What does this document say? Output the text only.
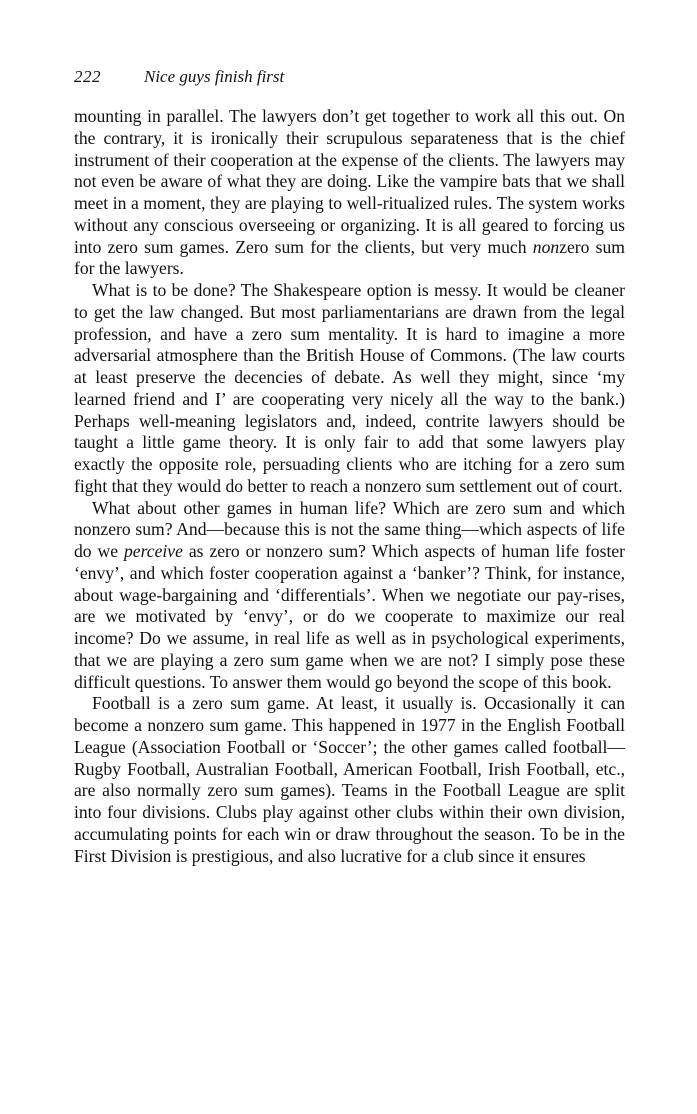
222	Nice guys finish first

mounting in parallel. The lawyers don’t get together to work all this out. On the contrary, it is ironically their scrupulous separateness that is the chief instrument of their cooperation at the expense of the clients. The lawyers may not even be aware of what they are doing. Like the vampire bats that we shall meet in a moment, they are playing to well-ritualized rules. The system works without any conscious overseeing or organizing. It is all geared to forcing us into zero sum games. Zero sum for the clients, but very much nonzero sum for the lawyers.

What is to be done? The Shakespeare option is messy. It would be cleaner to get the law changed. But most parliamentarians are drawn from the legal profession, and have a zero sum mentality. It is hard to imagine a more adversarial atmosphere than the British House of Commons. (The law courts at least preserve the decencies of debate. As well they might, since ‘my learned friend and I’ are cooperating very nicely all the way to the bank.) Perhaps well-meaning legislators and, indeed, contrite lawyers should be taught a little game theory. It is only fair to add that some lawyers play exactly the opposite role, persuading clients who are itching for a zero sum fight that they would do better to reach a nonzero sum settlement out of court.

What about other games in human life? Which are zero sum and which nonzero sum? And—because this is not the same thing—which aspects of life do we perceive as zero or nonzero sum? Which aspects of human life foster ‘envy’, and which foster cooperation against a ‘banker’? Think, for instance, about wage-bargaining and ‘differentials’. When we negotiate our pay-rises, are we motivated by ‘envy’, or do we cooperate to maximize our real income? Do we assume, in real life as well as in psychological experiments, that we are playing a zero sum game when we are not? I simply pose these difficult questions. To answer them would go beyond the scope of this book.

Football is a zero sum game. At least, it usually is. Occasionally it can become a nonzero sum game. This happened in 1977 in the English Football League (Association Football or ‘Soccer’; the other games called football—Rugby Football, Australian Football, American Football, Irish Football, etc., are also normally zero sum games). Teams in the Football League are split into four divisions. Clubs play against other clubs within their own division, accumulating points for each win or draw throughout the season. To be in the First Division is prestigious, and also lucrative for a club since it ensures
